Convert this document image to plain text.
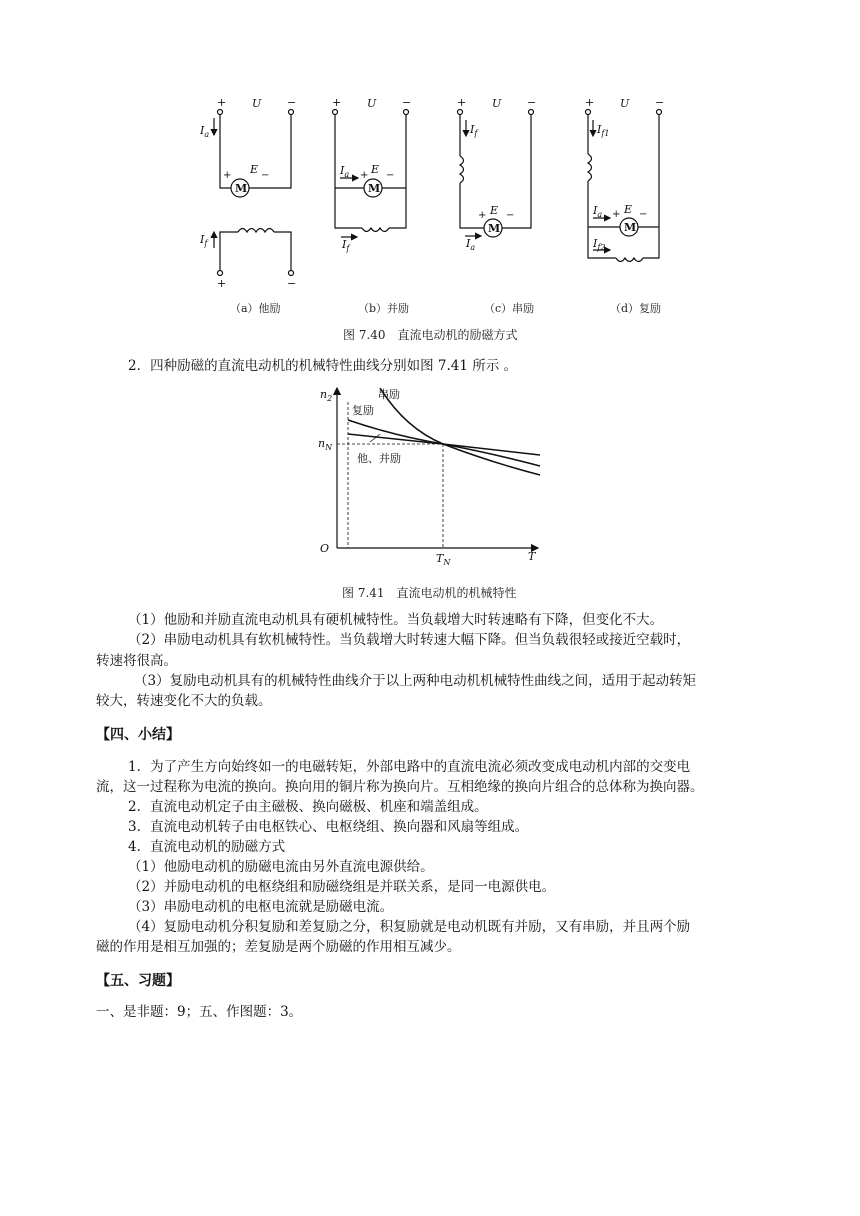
+	−
U
$I_a$
+ E −
M
$I_f$
+	−
+	−
U
$I_a + E$ −
M
$I_f$
+	−
U
$I_f$
+ E −
M
$I_a$
+	−
U
$I_{f1}$
$I_a + E$ −
M
$I_{f2}$
（a）他励	（b）并励	（c）串励	（d）复励
图 7.40　直流电动机的励磁方式
2．四种励磁的直流电动机的机械特性曲线分别如图 7.41 所示 。
$n_2$
$n_N$
O
$T_N$	T
串励
复励
他、并励
图 7.41　直流电动机的机械特性
（1）他励和并励直流电动机具有硬机械特性。当负载增大时转速略有下降，但变化不大。
（2）串励电动机具有软机械特性。当负载增大时转速大幅下降。但当负载很轻或接近空载时，
转速将很高。
（3）复励电动机具有的机械特性曲线介于以上两种电动机机械特性曲线之间，适用于起动转矩
较大，转速变化不大的负载。
【四、小结】
1．为了产生方向始终如一的电磁转矩，外部电路中的直流电流必须改变成电动机内部的交变电
流，这一过程称为电流的换向。换向用的铜片称为换向片。互相绝缘的换向片组合的总体称为换向器。
2．直流电动机定子由主磁极、换向磁极、机座和端盖组成。
3．直流电动机转子由电枢铁心、电枢绕组、换向器和风扇等组成。
4．直流电动机的励磁方式
（1）他励电动机的励磁电流由另外直流电源供给。
（2）并励电动机的电枢绕组和励磁绕组是并联关系，是同一电源供电。
（3）串励电动机的电枢电流就是励磁电流。
（4）复励电动机分积复励和差复励之分，积复励就是电动机既有并励，又有串励，并且两个励
磁的作用是相互加强的；差复励是两个励磁的作用相互减少。
【五、习题】
一、是非题：9；五、作图题：3。
